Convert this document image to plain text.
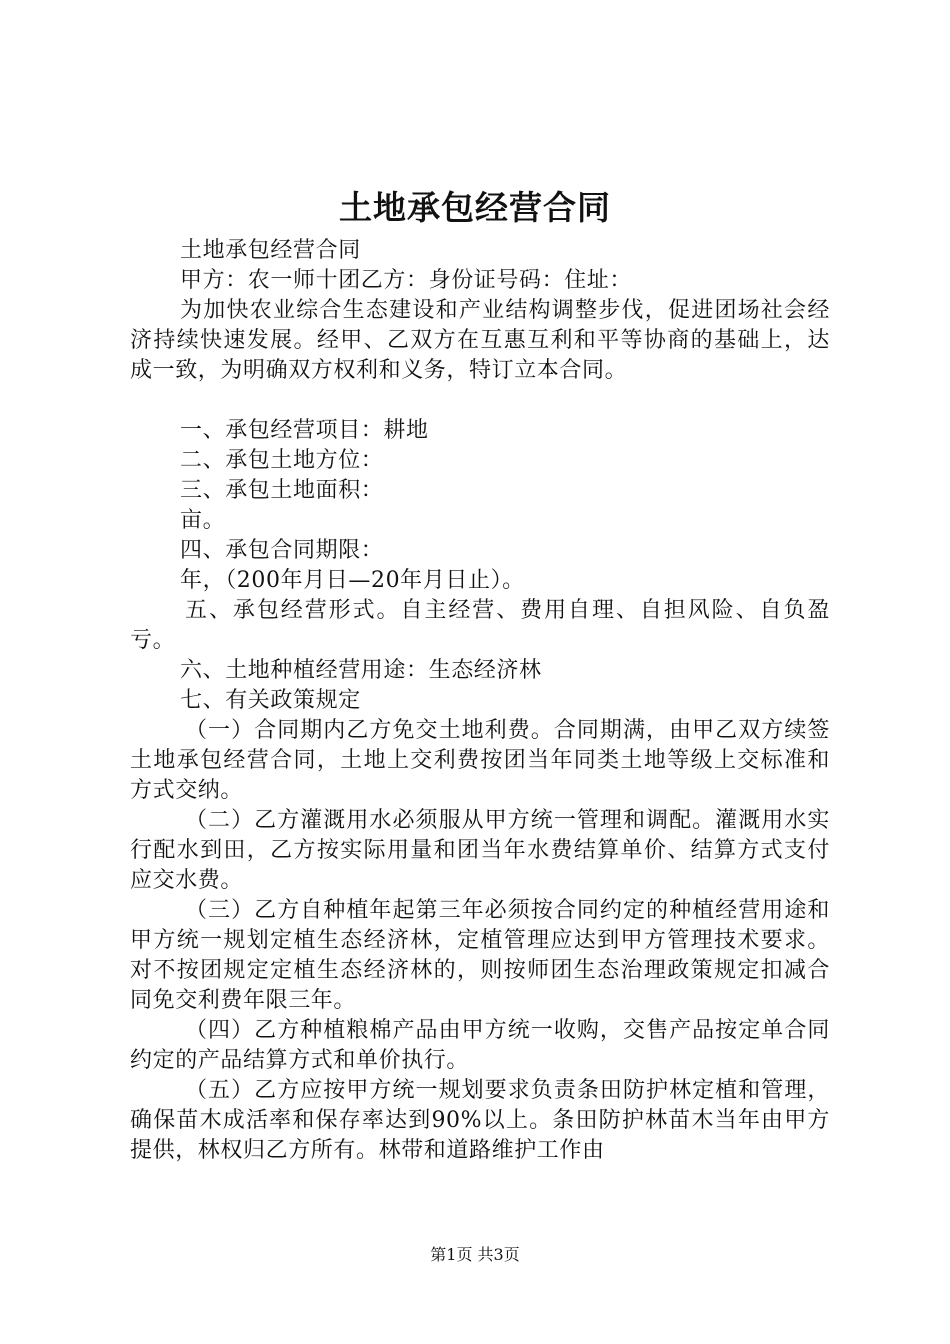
土地承包经营合同

土地承包经营合同

甲方：农一师十团乙方：身份证号码：住址：

为加快农业综合生态建设和产业结构调整步伐，促进团场社会经济持续快速发展。经甲、乙双方在互惠互利和平等协商的基础上，达成一致，为明确双方权利和义务，特订立本合同。

一、承包经营项目：耕地

二、承包土地方位：

三、承包土地面积：

亩。

四、承包合同期限：

年，（200年月日—20年月日止）。

五、承包经营形式。自主经营、费用自理、自担风险、自负盈亏。

六、土地种植经营用途：生态经济林

七、有关政策规定

（一）合同期内乙方免交土地利费。合同期满，由甲乙双方续签土地承包经营合同，土地上交利费按团当年同类土地等级上交标准和方式交纳。

（二）乙方灌溉用水必须服从甲方统一管理和调配。灌溉用水实行配水到田，乙方按实际用量和团当年水费结算单价、结算方式支付应交水费。

（三）乙方自种植年起第三年必须按合同约定的种植经营用途和甲方统一规划定植生态经济林，定植管理应达到甲方管理技术要求。对不按团规定定植生态经济林的，则按师团生态治理政策规定扣减合同免交利费年限三年。

（四）乙方种植粮棉产品由甲方统一收购，交售产品按定单合同约定的产品结算方式和单价执行。

（五）乙方应按甲方统一规划要求负责条田防护林定植和管理，确保苗木成活率和保存率达到90%以上。条田防护林苗木当年由甲方提供，林权归乙方所有。林带和道路维护工作由

第1页 共3页
